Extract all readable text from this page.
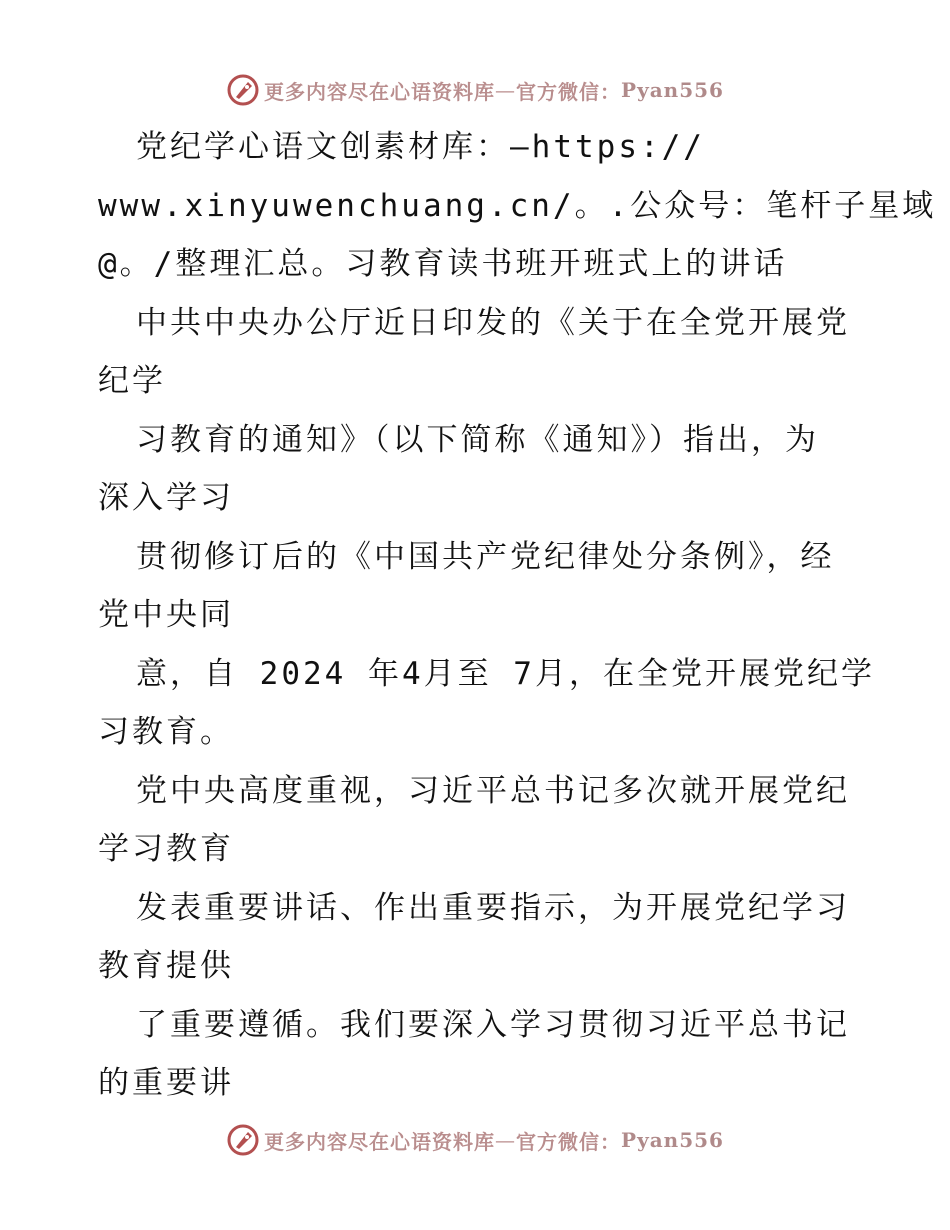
更多内容尽在心语资料库 — 官方微信： Pyan556
党纪学心语文创素材库：—https://
www.xinyuwenchuang.cn/。.公众号：笔杆子星域
@。/整理汇总。习教育读书班开班式上的讲话
中共中央办公厅近日印发的《关于在全党开展党
纪学
习教育的通知》（以下简称《通知》）指出，为
深入学习
贯彻修订后的《中国共产党纪律处分条例》，经
党中央同
意，自 2024 年4月至 7月，在全党开展党纪学
习教育。
党中央高度重视，习近平总书记多次就开展党纪
学习教育
发表重要讲话、作出重要指示，为开展党纪学习
教育提供
了重要遵循。我们要深入学习贯彻习近平总书记
的重要讲
更多内容尽在心语资料库 — 官方微信： Pyan556
